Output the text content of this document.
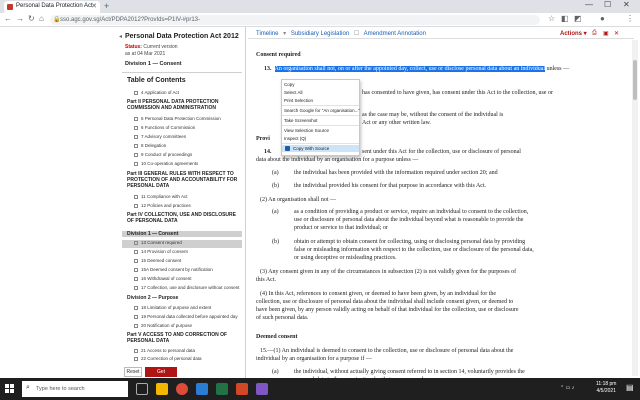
Personal Data Protection Act
✕ +	— ☐ ✕
← → ↻ ⌂ 🔒 sso.agc.gov.sg/Act/PDPA2012?ProvIds=P1IV-#pr13-	☆ ◧ ◩ ●	⋮
◂ Personal Data Protection Act 2012
Status: Current version
as at 04 Mar 2021
Division 1 — Consent
Table of Contents
4 Application of Act
Part II PERSONAL DATA PROTECTION COMMISSION AND ADMINISTRATION
5 Personal Data Protection Commission
6 Functions of Commission
7 Advisory committees
8 Delegation
9 Conduct of proceedings
10 Co-operation agreements
Part III GENERAL RULES WITH RESPECT TO PROTECTION OF AND ACCOUNTABILITY FOR PERSONAL DATA
11 Compliance with Act
12 Policies and practices
Part IV COLLECTION, USE AND DISCLOSURE OF PERSONAL DATA
Division 1 — Consent
13 Consent required
14 Provision of consent
15 Deemed consent
15A Deemed consent by notification
16 Withdrawal of consent
17 Collection, use and disclosure without consent
Division 2 — Purpose
18 Limitation of purpose and extent
19 Personal data collected before appointed day
20 Notification of purpose
Part V ACCESS TO AND CORRECTION OF PERSONAL DATA
21 Access to personal data
22 Correction of personal data
Reset	Get
Timeline ▾ Subsidiary Legislation ☐ Amendment Annotation	Actions ▾ ⎙ ▣ ✕
Consent required
13. An organisation shall not, on or after the appointed day, collect, use or disclose personal data about an individual unless —
has consented to have given, has consent under this Act to the collection, use or
as the case may be, without the consent of the individual is
Act or any other written law.
Provi
14.	sent under this Act for the collection, use or disclosure of personal
data about the individual by an organisation for a purpose unless —
(a)	the individual has been provided with the information required under section 20; and
(b)	the individual provided his consent for that purpose in accordance with this Act.
(2) An organisation shall not —
(a)	as a condition of providing a product or service, require an individual to consent to the collection,
use or disclosure of personal data about the individual beyond what is reasonable to provide the
product or service to that individual; or
(b)	obtain or attempt to obtain consent for collecting, using or disclosing personal data by providing
false or misleading information with respect to the collection, use or disclosure of the personal data,
or using deceptive or misleading practices.
(3) Any consent given in any of the circumstances in subsection (2) is not validly given for the purposes of
this Act.
(4) In this Act, references to consent given, or deemed to have been given, by an individual for the
collection, use or disclosure of personal data about the individual shall include consent given, or deemed to
have been given, by any person validly acting on behalf of that individual for the collection, use or disclosure
of such personal data.
Deemed consent
15.—(1) An individual is deemed to consent to the collection, use or disclosure of personal data about the
individual by an organisation for a purpose if —
(a)	the individual, without actually giving consent referred to in section 14, voluntarily provides the
Copy
Select All
Print Selection
Search Google for "An organisation..."
Take Screenshot
View Selection Source
Inspect (Q)
Copy With Source
⌕ Type here to search	⌃ ▭ ♪
11:18 pm
4/5/2021 ▤
